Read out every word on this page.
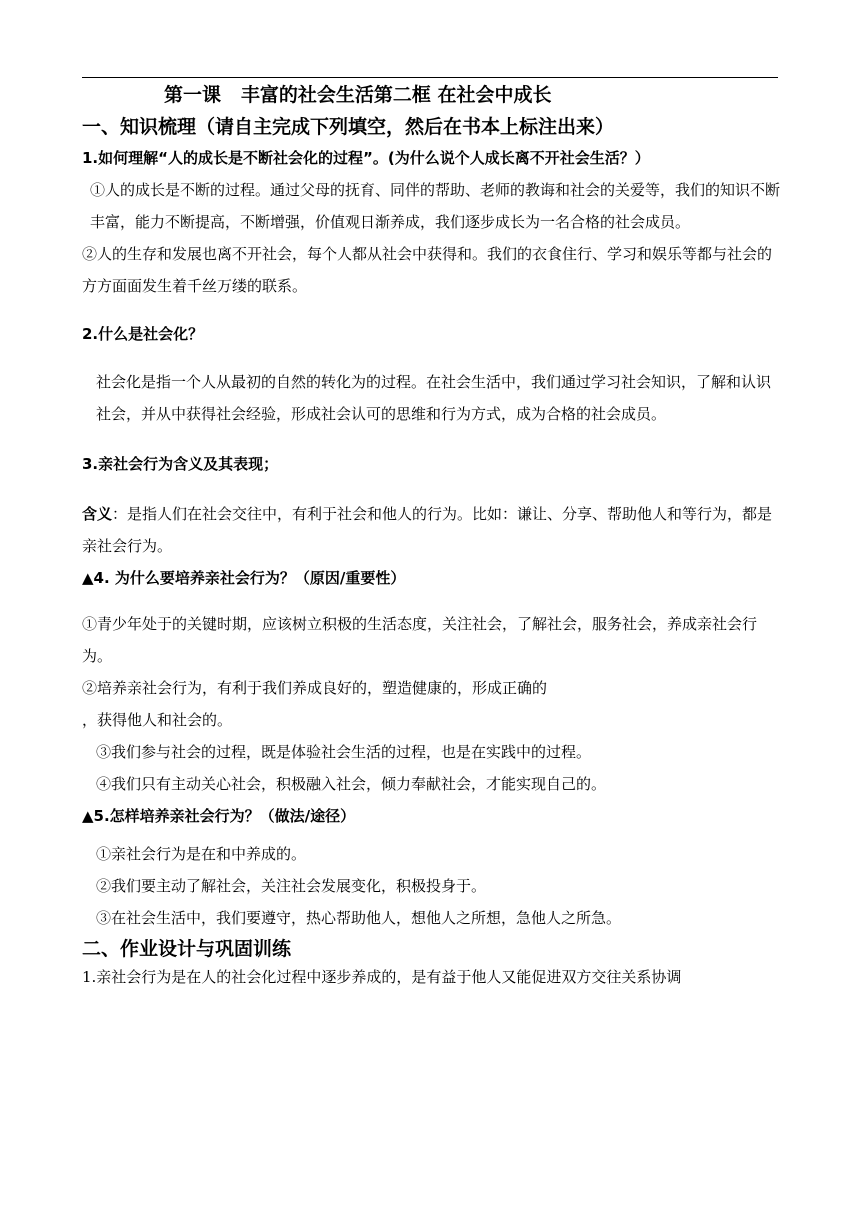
第一课   丰富的社会生活第二框 在社会中成长
一、知识梳理（请自主完成下列填空，然后在书本上标注出来）
1.如何理解“人的成长是不断社会化的过程”。(为什么说个人成长离不开社会生活？）
①人的成长是不断的过程。通过父母的抚育、同伴的帮助、老师的教诲和社会的关爱等，我们的知识不断丰富，能力不断提高，不断增强，价值观日渐养成，我们逐步成长为一名合格的社会成员。
②人的生存和发展也离不开社会，每个人都从社会中获得和。我们的衣食住行、学习和娱乐等都与社会的方方面面发生着千丝万缕的联系。
2.什么是社会化？
社会化是指一个人从最初的自然的转化为的过程。在社会生活中，我们通过学习社会知识，了解和认识社会，并从中获得社会经验，形成社会认可的思维和行为方式，成为合格的社会成员。
3.亲社会行为含义及其表现；
含义：是指人们在社会交往中，有利于社会和他人的行为。比如：谦让、分享、帮助他人和等行为，都是亲社会行为。
▲4. 为什么要培养亲社会行为？（原因/重要性）
①青少年处于的关键时期，应该树立积极的生活态度，关注社会，了解社会，服务社会，养成亲社会行为。
②培养亲社会行为，有利于我们养成良好的，塑造健康的，形成正确的
，获得他人和社会的。
③我们参与社会的过程，既是体验社会生活的过程，也是在实践中的过程。
④我们只有主动关心社会，积极融入社会，倾力奉献社会，才能实现自己的。
▲5.怎样培养亲社会行为？（做法/途径）
①亲社会行为是在和中养成的。
②我们要主动了解社会，关注社会发展变化，积极投身于。
③在社会生活中，我们要遵守，热心帮助他人，想他人之所想，急他人之所急。
二、作业设计与巩固训练
1.亲社会行为是在人的社会化过程中逐步养成的，是有益于他人又能促进双方交往关系协调
